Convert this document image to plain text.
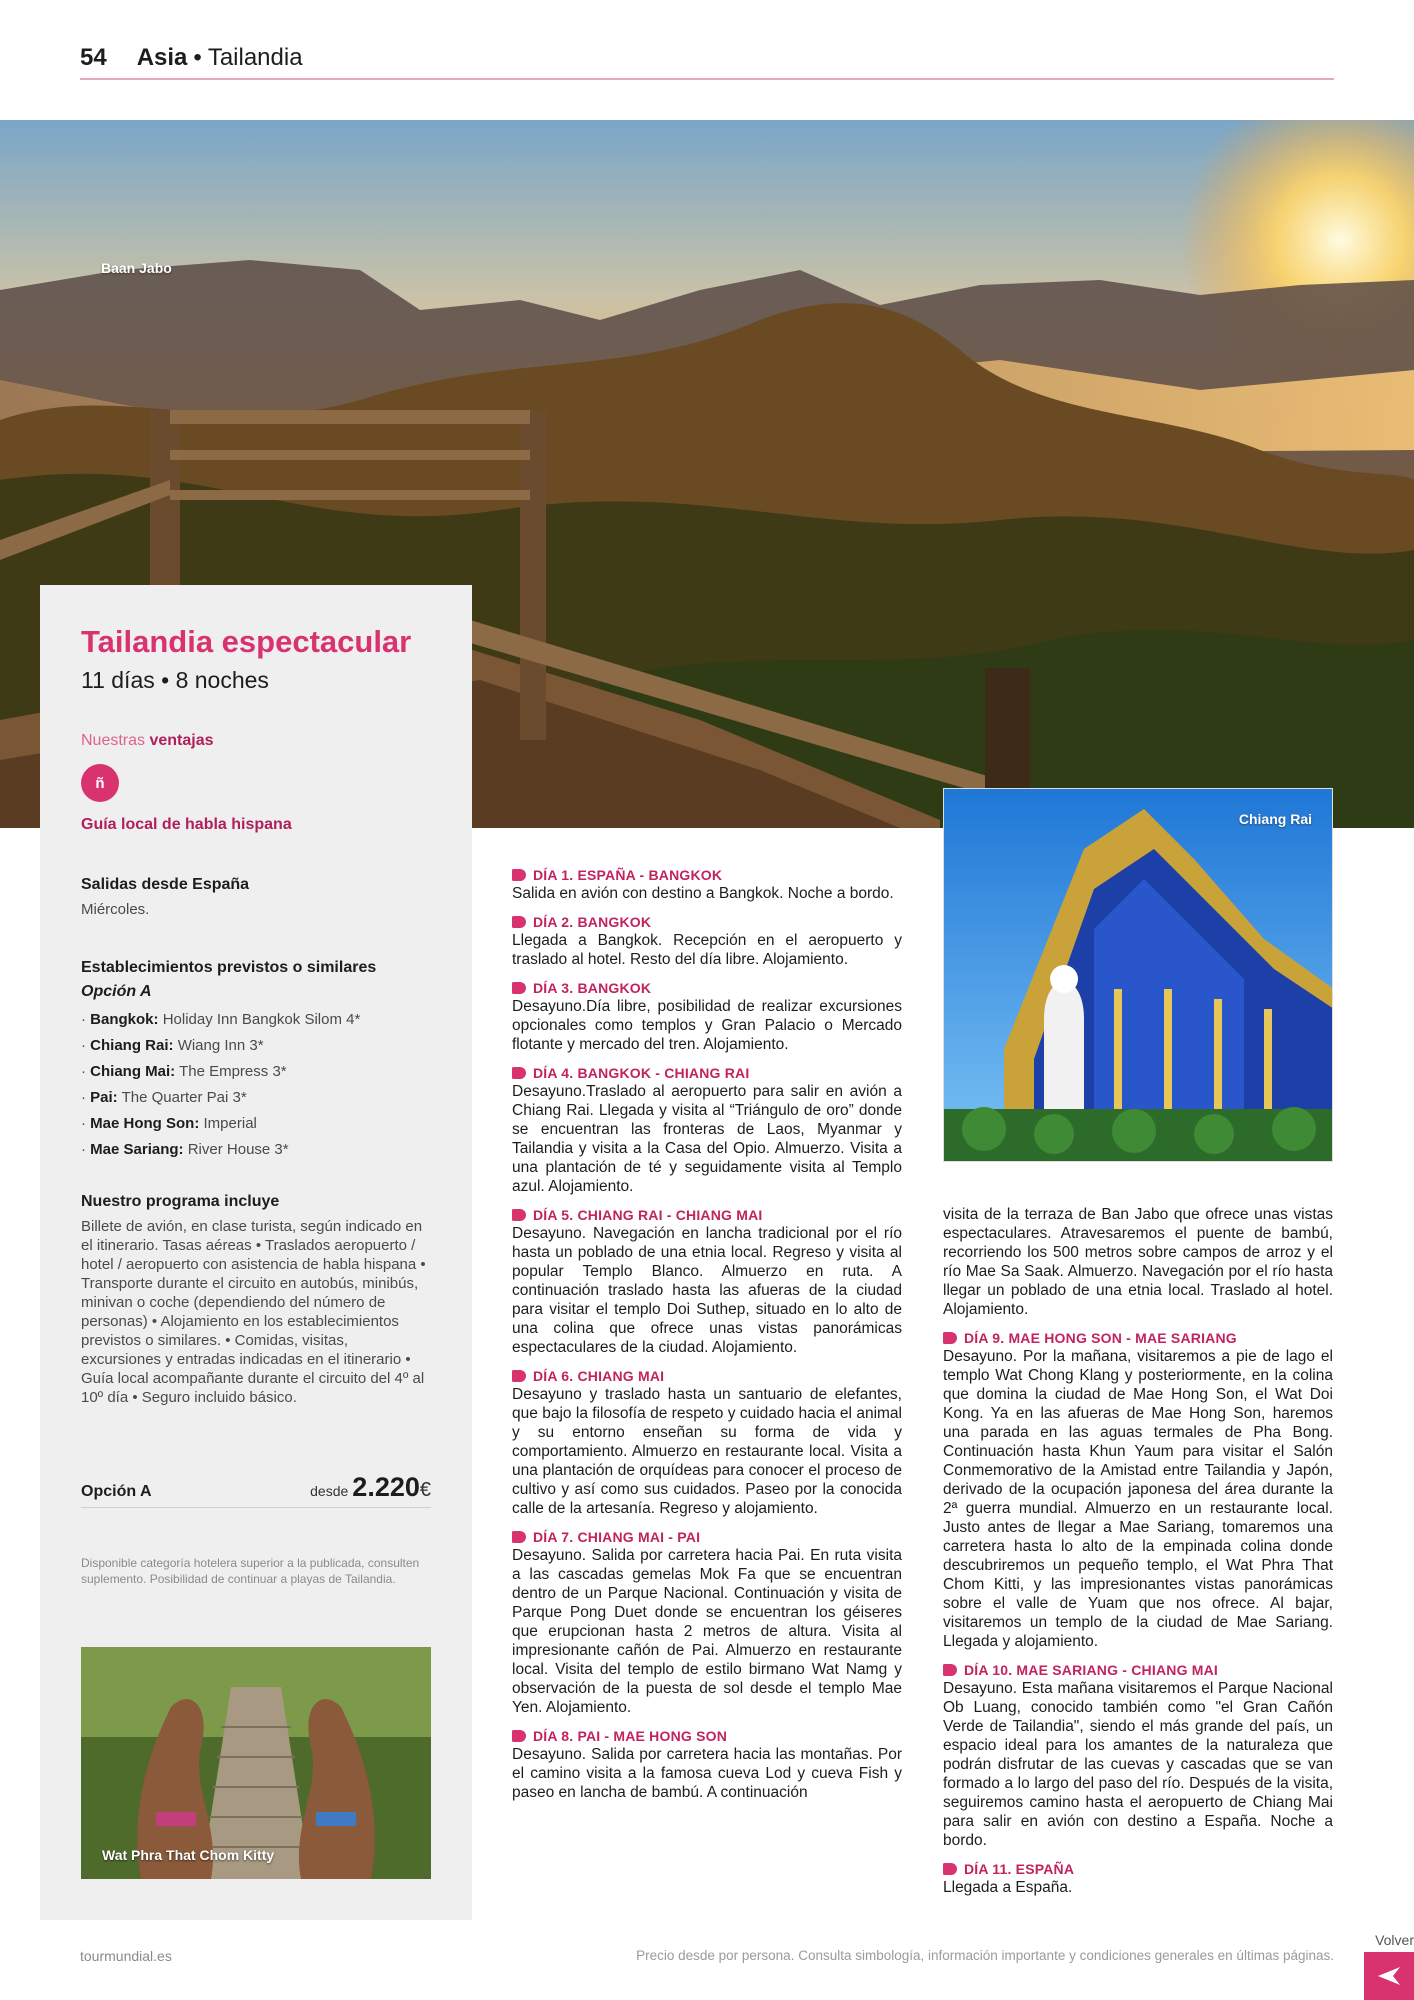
54 Asia • Tailandia
Baan Jabo
Tailandia espectacular
11 días • 8 noches
Nuestras ventajas
ñ
Guía local de habla hispana
Salidas desde España
Miércoles.
Establecimientos previstos o similares
Opción A
· Bangkok: Holiday Inn Bangkok Silom 4*
· Chiang Rai: Wiang Inn 3*
· Chiang Mai: The Empress 3*
· Pai: The Quarter Pai 3*
· Mae Hong Son: Imperial
· Mae Sariang: River House 3*
Nuestro programa incluye
Billete de avión, en clase turista, según indicado en el itinerario. Tasas aéreas • Traslados aeropuerto / hotel / aeropuerto con asistencia de habla hispana • Transporte durante el circuito en autobús, minibús, minivan o coche (dependiendo del número de personas) • Alojamiento en los establecimientos previstos o similares. • Comidas, visitas, excursiones y entradas indicadas en el itinerario • Guía local acompañante durante el circuito del 4º al 10º día • Seguro incluido básico.
Opción A	desde 2.220€
Disponible categoría hotelera superior a la publicada, consulten suplemento. Posibilidad de continuar a playas de Tailandia.
Wat Phra That Chom Kitty
Chiang Rai
DÍA 1. ESPAÑA - BANGKOK
Salida en avión con destino a Bangkok. Noche a bordo.
DÍA 2. BANGKOK
Llegada a Bangkok. Recepción en el aeropuerto y traslado al hotel. Resto del día libre. Alojamiento.
DÍA 3. BANGKOK
Desayuno.Día libre, posibilidad de realizar excursiones opcionales como templos y Gran Palacio o Mercado flotante y mercado del tren. Alojamiento.
DÍA 4. BANGKOK - CHIANG RAI
Desayuno.Traslado al aeropuerto para salir en avión a Chiang Rai. Llegada y visita al “Triángulo de oro” donde se encuentran las fronteras de Laos, Myanmar y Tailandia y visita a la Casa del Opio. Almuerzo. Visita a una plantación de té y seguidamente visita al Templo azul. Alojamiento.
DÍA 5. CHIANG RAI - CHIANG MAI
Desayuno. Navegación en lancha tradicional por el río hasta un poblado de una etnia local. Regreso y visita al popular Templo Blanco. Almuerzo en ruta. A continuación traslado hasta las afueras de la ciudad para visitar el templo Doi Suthep, situado en lo alto de una colina que ofrece unas vistas panorámicas espectaculares de la ciudad. Alojamiento.
DÍA 6. CHIANG MAI
Desayuno y traslado hasta un santuario de elefantes, que bajo la filosofía de respeto y cuidado hacia el animal y su entorno enseñan su forma de vida y comportamiento. Almuerzo en restaurante local. Visita a una plantación de orquídeas para conocer el proceso de cultivo y así como sus cuidados. Paseo por la conocida calle de la artesanía. Regreso y alojamiento.
DÍA 7. CHIANG MAI - PAI
Desayuno. Salida por carretera hacia Pai. En ruta visita a las cascadas gemelas Mok Fa que se encuentran dentro de un Parque Nacional. Continuación y visita de Parque Pong Duet donde se encuentran los géiseres que erupcionan hasta 2 metros de altura. Visita al impresionante cañón de Pai. Almuerzo en restaurante local. Visita del templo de estilo birmano Wat Namg y observación de la puesta de sol desde el templo Mae Yen. Alojamiento.
DÍA 8. PAI - MAE HONG SON
Desayuno. Salida por carretera hacia las montañas. Por el camino visita a la famosa cueva Lod y cueva Fish y paseo en lancha de bambú. A continuación
visita de la terraza de Ban Jabo que ofrece unas vistas espectaculares. Atravesaremos el puente de bambú, recorriendo los 500 metros sobre campos de arroz y el río Mae Sa Saak. Almuerzo. Navegación por el río hasta llegar un poblado de una etnia local. Traslado al hotel. Alojamiento.
DÍA 9. MAE HONG SON - MAE SARIANG
Desayuno. Por la mañana, visitaremos a pie de lago el templo Wat Chong Klang y posteriormente, en la colina que domina la ciudad de Mae Hong Son, el Wat Doi Kong. Ya en las afueras de Mae Hong Son, haremos una parada en las aguas termales de Pha Bong. Continuación hasta Khun Yaum para visitar el Salón Conmemorativo de la Amistad entre Tailandia y Japón, derivado de la ocupación japonesa del área durante la 2ª guerra mundial. Almuerzo en un restaurante local. Justo antes de llegar a Mae Sariang, tomaremos una carretera hasta lo alto de la empinada colina donde descubriremos un pequeño templo, el Wat Phra That Chom Kitti, y las impresionantes vistas panorámicas sobre el valle de Yuam que nos ofrece. Al bajar, visitaremos un templo de la ciudad de Mae Sariang. Llegada y alojamiento.
DÍA 10. MAE SARIANG - CHIANG MAI
Desayuno. Esta mañana visitaremos el Parque Nacional Ob Luang, conocido también como "el Gran Cañón Verde de Tailandia", siendo el más grande del país, un espacio ideal para los amantes de la naturaleza que podrán disfrutar de las cuevas y cascadas que se van formado a lo largo del paso del río. Después de la visita, seguiremos camino hasta el aeropuerto de Chiang Mai para salir en avión con destino a España. Noche a bordo.
DÍA 11. ESPAÑA
Llegada a España.
tourmundial.es	Precio desde por persona. Consulta simbología, información importante y condiciones generales en últimas páginas.
Volver
